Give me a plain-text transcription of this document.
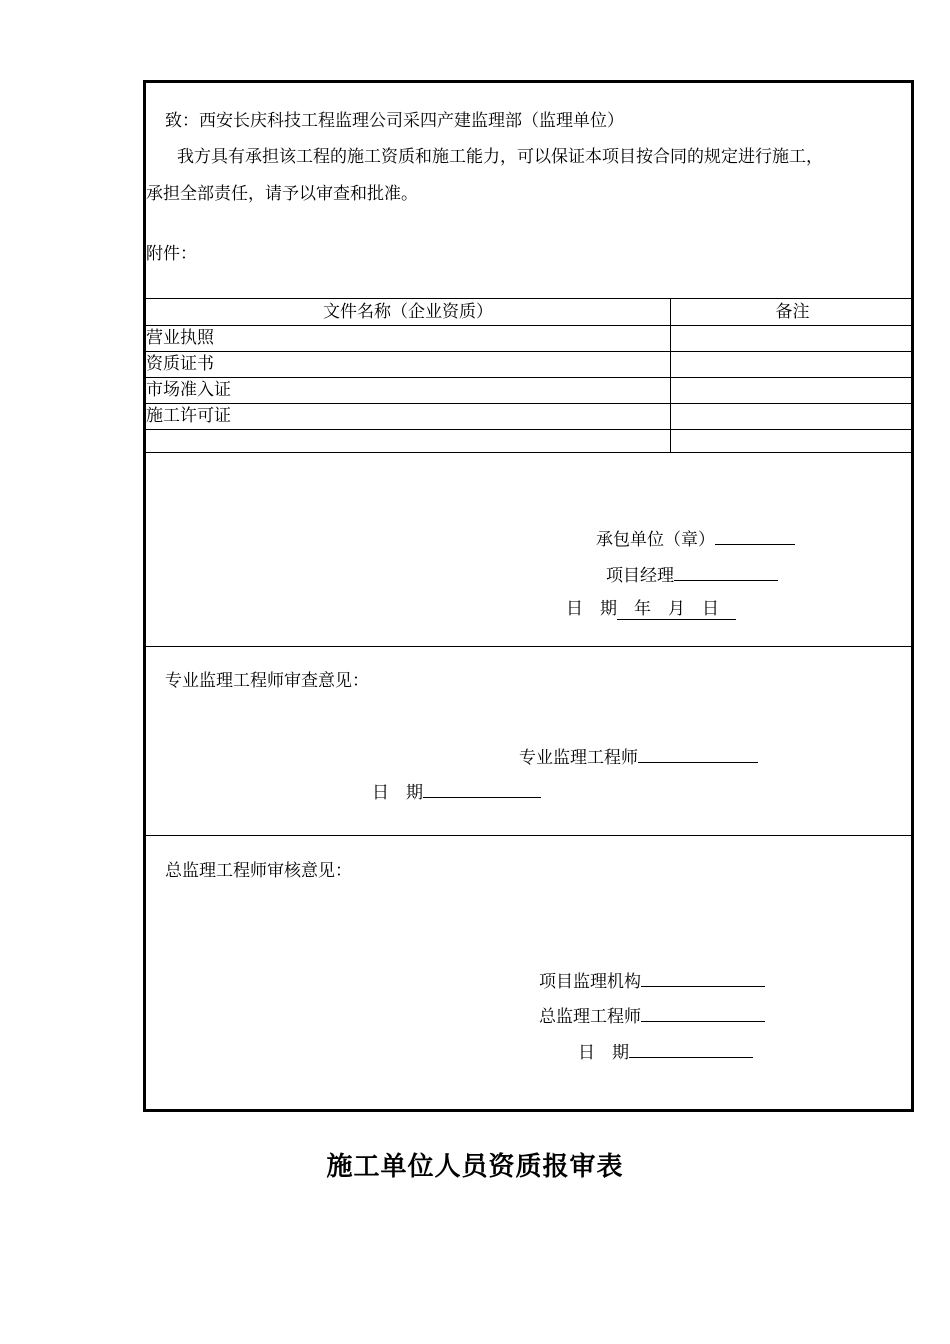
致：西安长庆科技工程监理公司采四产建监理部（监理单位）
我方具有承担该工程的施工资质和施工能力，可以保证本项目按合同的规定进行施工，
承担全部责任，请予以审查和批准。
附件：
文件名称（企业资质）	备注
营业执照
资质证书
市场准入证
施工许可证
承包单位（章）
项目经理
日　期　年　月　日　
专业监理工程师审查意见：
专业监理工程师
日　期
总监理工程师审核意见：
项目监理机构
总监理工程师
日　期
施工单位人员资质报审表
